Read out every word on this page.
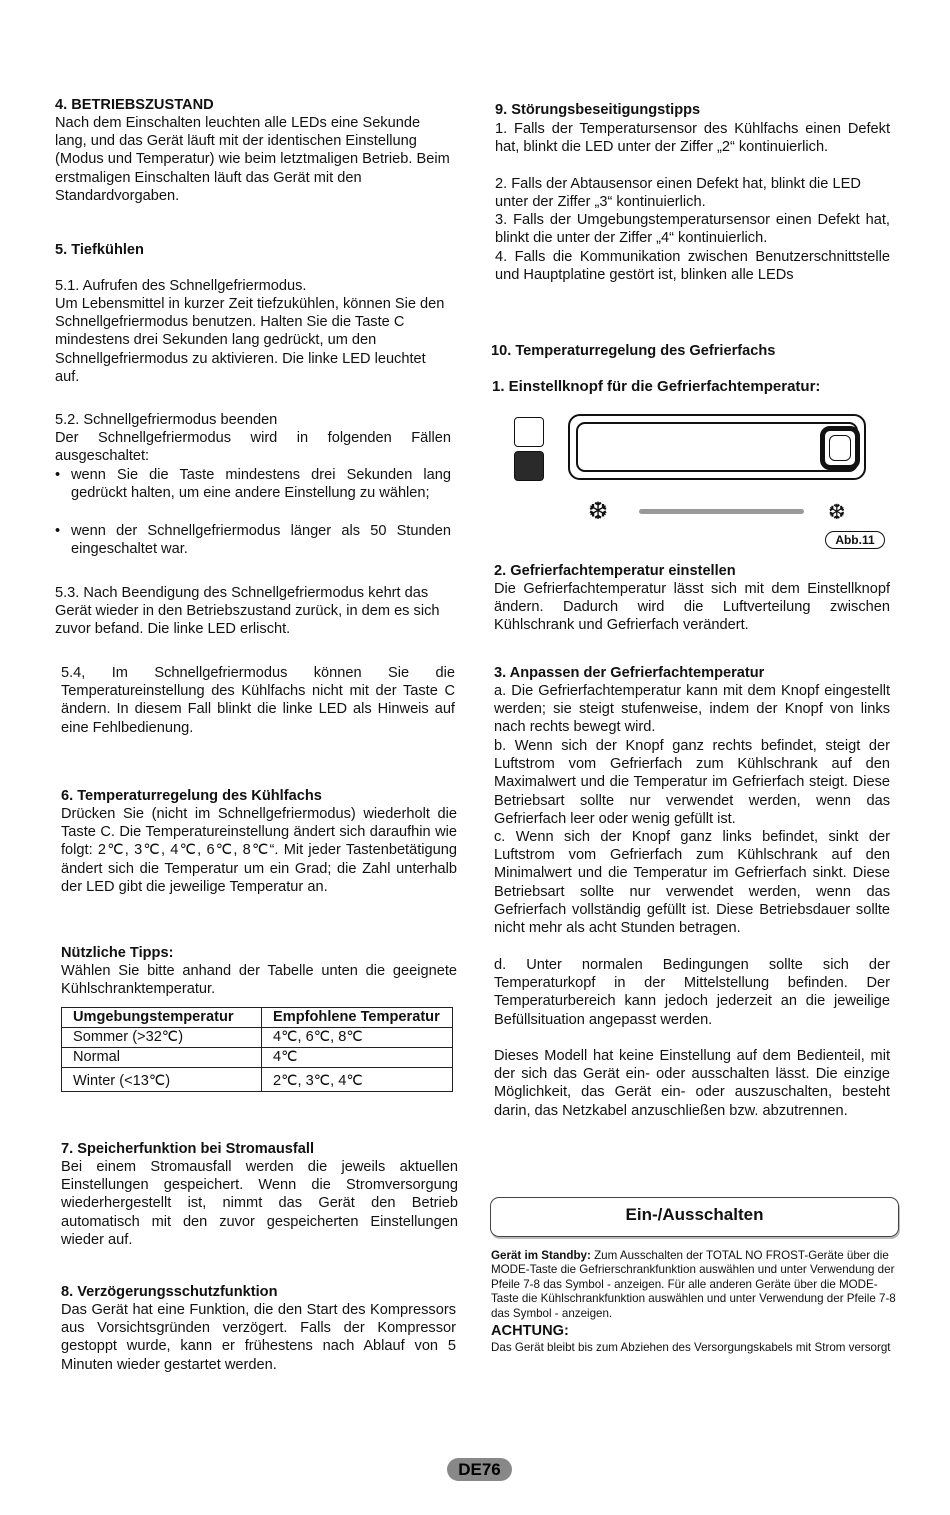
4. BETRIEBSZUSTAND

Nach dem Einschalten leuchten alle LEDs eine Sekunde lang, und das Gerät läuft mit der identischen Einstellung (Modus und Temperatur) wie beim letztmaligen Betrieb. Beim erstmaligen Einschalten läuft das Gerät mit den Standardvorgaben.

5. Tiefkühlen
5.1. Aufrufen des Schnellgefriermodus.

Um Lebensmittel in kurzer Zeit tiefzukühlen, können Sie den Schnellgefriermodus benutzen. Halten Sie die Taste C mindestens drei Sekunden lang gedrückt, um den Schnellgefriermodus zu aktivieren. Die linke LED leuchtet auf.

5.2. Schnellgefriermodus beenden

Der Schnellgefriermodus wird in folgenden Fällen ausgeschaltet:

• wenn Sie die Taste mindestens drei Sekunden lang gedrückt halten, um eine andere Einstellung zu wählen;
• wenn der Schnellgefriermodus länger als 50 Stunden eingeschaltet war.

5.3. Nach Beendigung des Schnellgefriermodus kehrt das Gerät wieder in den Betriebszustand zurück, in dem es sich zuvor befand. Die linke LED erlischt.

5.4, Im Schnellgefriermodus können Sie die Temperatureinstellung des Kühlfachs nicht mit der Taste C ändern. In diesem Fall blinkt die linke LED als Hinweis auf eine Fehlbedienung.

6. Temperaturregelung des Kühlfachs

Drücken Sie (nicht im Schnellgefriermodus) wiederholt die Taste C. Die Temperatureinstellung ändert sich daraufhin wie folgt: 2℃, 3℃, 4℃, 6℃, 8℃“. Mit jeder Tastenbetätigung ändert sich die Temperatur um ein Grad; die Zahl unterhalb der LED gibt die jeweilige Temperatur an.

Nützliche Tipps:

Wählen Sie bitte anhand der Tabelle unten die geeignete Kühlschranktemperatur.

Umgebungstemperatur	Empfohlene Temperatur
Sommer (>32℃)	4℃, 6℃, 8℃
Normal	4℃
Winter (<13℃)	2℃, 3℃, 4℃
7. Speicherfunktion bei Stromausfall

Bei einem Stromausfall werden die jeweils aktuellen Einstellungen gespeichert. Wenn die Stromversorgung wiederhergestellt ist, nimmt das Gerät den Betrieb automatisch mit den zuvor gespeicherten Einstellungen wieder auf.

8. Verzögerungsschutzfunktion

Das Gerät hat eine Funktion, die den Start des Kompressors aus Vorsichtsgründen verzögert. Falls der Kompressor gestoppt wurde, kann er frühestens nach Ablauf von 5 Minuten wieder gestartet werden.

9. Störungsbeseitigungstipps

1. Falls der Temperatursensor des Kühlfachs einen Defekt hat, blinkt die LED unter der Ziffer „2“ kontinuierlich.

2. Falls der Abtausensor einen Defekt hat, blinkt die LED unter der Ziffer „3“ kontinuierlich.

3. Falls der Umgebungstemperatursensor einen Defekt hat, blinkt die unter der Ziffer „4“ kontinuierlich.

4. Falls die Kommunikation zwischen Benutzerschnittstelle und Hauptplatine gestört ist, blinken alle LEDs

10. Temperaturregelung des Gefrierfachs
1. Einstellknopf für die Gefrierfachtemperatur:
❆	❆
Abb.11
2. Gefrierfachtemperatur einstellen

Die Gefrierfachtemperatur lässt sich mit dem Einstellknopf ändern. Dadurch wird die Luftverteilung zwischen Kühlschrank und Gefrierfach verändert.

3. Anpassen der Gefrierfachtemperatur

a. Die Gefrierfachtemperatur kann mit dem Knopf eingestellt werden; sie steigt stufenweise, indem der Knopf von links nach rechts bewegt wird.

b. Wenn sich der Knopf ganz rechts befindet, steigt der Luftstrom vom Gefrierfach zum Kühlschrank auf den Maximalwert und die Temperatur im Gefrierfach steigt. Diese Betriebsart sollte nur verwendet werden, wenn das Gefrierfach leer oder wenig gefüllt ist.

c. Wenn sich der Knopf ganz links befindet, sinkt der Luftstrom vom Gefrierfach zum Kühlschrank auf den Minimalwert und die Temperatur im Gefrierfach sinkt. Diese Betriebsart sollte nur verwendet werden, wenn das Gefrierfach vollständig gefüllt ist. Diese Betriebsdauer sollte nicht mehr als acht Stunden betragen.

d. Unter normalen Bedingungen sollte sich der Temperaturkopf in der Mittelstellung befinden. Der Temperaturbereich kann jedoch jederzeit an die jeweilige Befüllsituation angepasst werden.

Dieses Modell hat keine Einstellung auf dem Bedienteil, mit der sich das Gerät ein- oder ausschalten lässt. Die einzige Möglichkeit, das Gerät ein- oder auszuschalten, besteht darin, das Netzkabel anzuschließen bzw. abzutrennen.

Ein-/Ausschalten

Gerät im Standby: Zum Ausschalten der TOTAL NO FROST-Geräte über die MODE-Taste die Gefrierschrankfunktion auswählen und unter Verwendung der Pfeile 7-8 das Symbol - anzeigen. Für alle anderen Geräte über die MODE-Taste die Kühlschrankfunktion auswählen und unter Verwendung der Pfeile 7-8 das Symbol - anzeigen.

ACHTUNG:

Das Gerät bleibt bis zum Abziehen des Versorgungskabels mit Strom versorgt

DE76
